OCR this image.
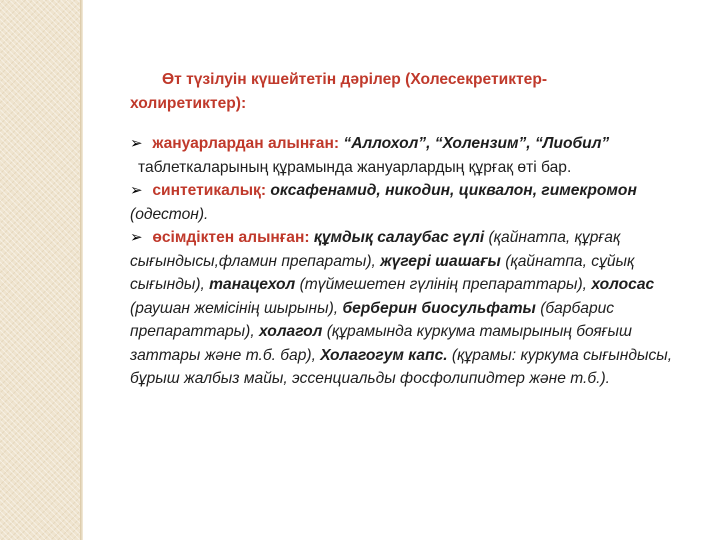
Өт түзілуін күшейтетін дәрілер (Холесекретиктер-
холиретиктер):

➢ жануарлардан алынған: “Аллохол”, “Холензим”, “Лиобил”
таблеткаларының құрамында жануарлардың құрғақ өті бар.

➢ синтетикалық: оксафенамид, никодин, циквалон, гимекромон (одестон).

➢ өсімдіктен алынған: құмдық салаубас гүлі (қайнатпа, құрғақ сығындысы,фламин препараты), жүгері шашағы (қайнатпа, сұйық сығынды), танацехол (түймешетен гүлінің препараттары), холосас (раушан жемісінің шырыны), берберин биосульфаты (барбарис препараттары), холагол (құрамында куркума тамырының бояғыш заттары және т.б. бар), Холагогум капс. (құрамы: куркума сығындысы, бұрыш жалбыз майы, эссенциальды фосфолипидтер және т.б.).
